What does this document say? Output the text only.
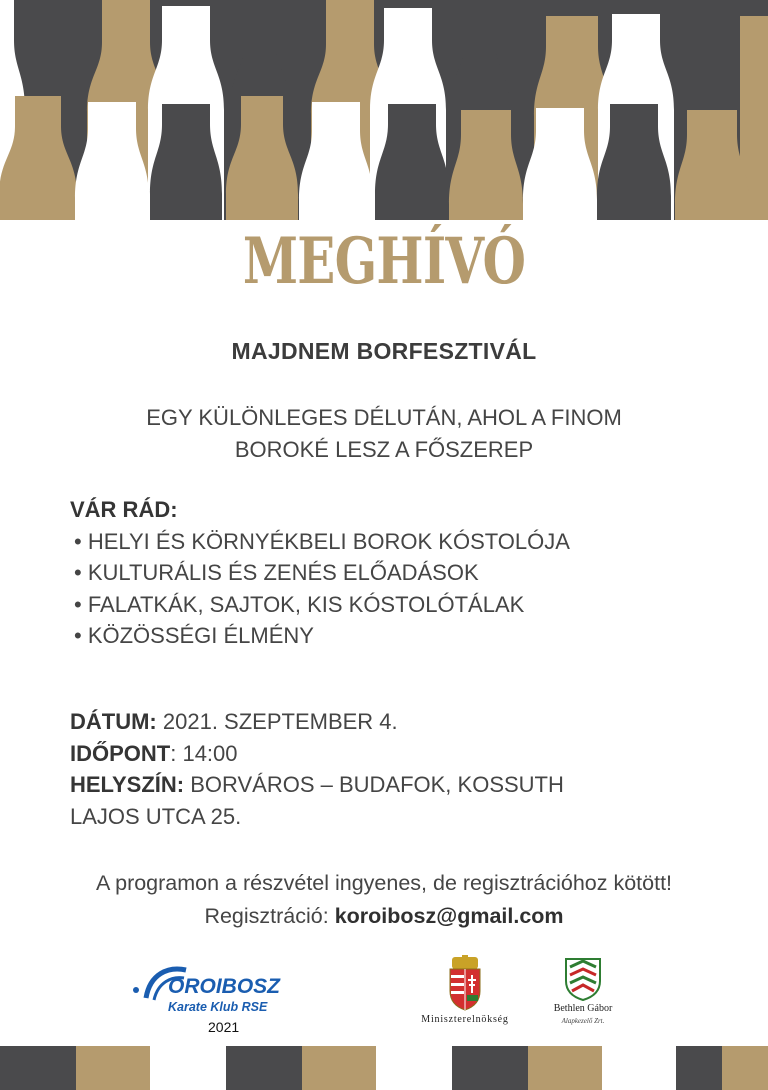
MEGHÍVÓ
MAJDNEM BORFESZTIVÁL
EGY KÜLÖNLEGES DÉLUTÁN, AHOL A FINOM
BOROKÉ LESZ A FŐSZEREP
VÁR RÁD:
• HELYI ÉS KÖRNYÉKBELI BOROK KÓSTOLÓJA
• KULTURÁLIS ÉS ZENÉS ELŐADÁSOK
• FALATKÁK, SAJTOK, KIS KÓSTOLÓTÁLAK
• KÖZÖSSÉGI ÉLMÉNY
DÁTUM: 2021. SZEPTEMBER 4.
IDŐPONT: 14:00
HELYSZÍN: BORVÁROS – BUDAFOK, KOSSUTH
LAJOS UTCA 25.
A programon a részvétel ingyenes, de regisztrációhoz kötött!
Regisztráció: koroibosz@gmail.com
OROIBOSZ
Karate Klub RSE
2021	Miniszterelnökség
Bethlen Gábor
Alapkezelő Zrt.
